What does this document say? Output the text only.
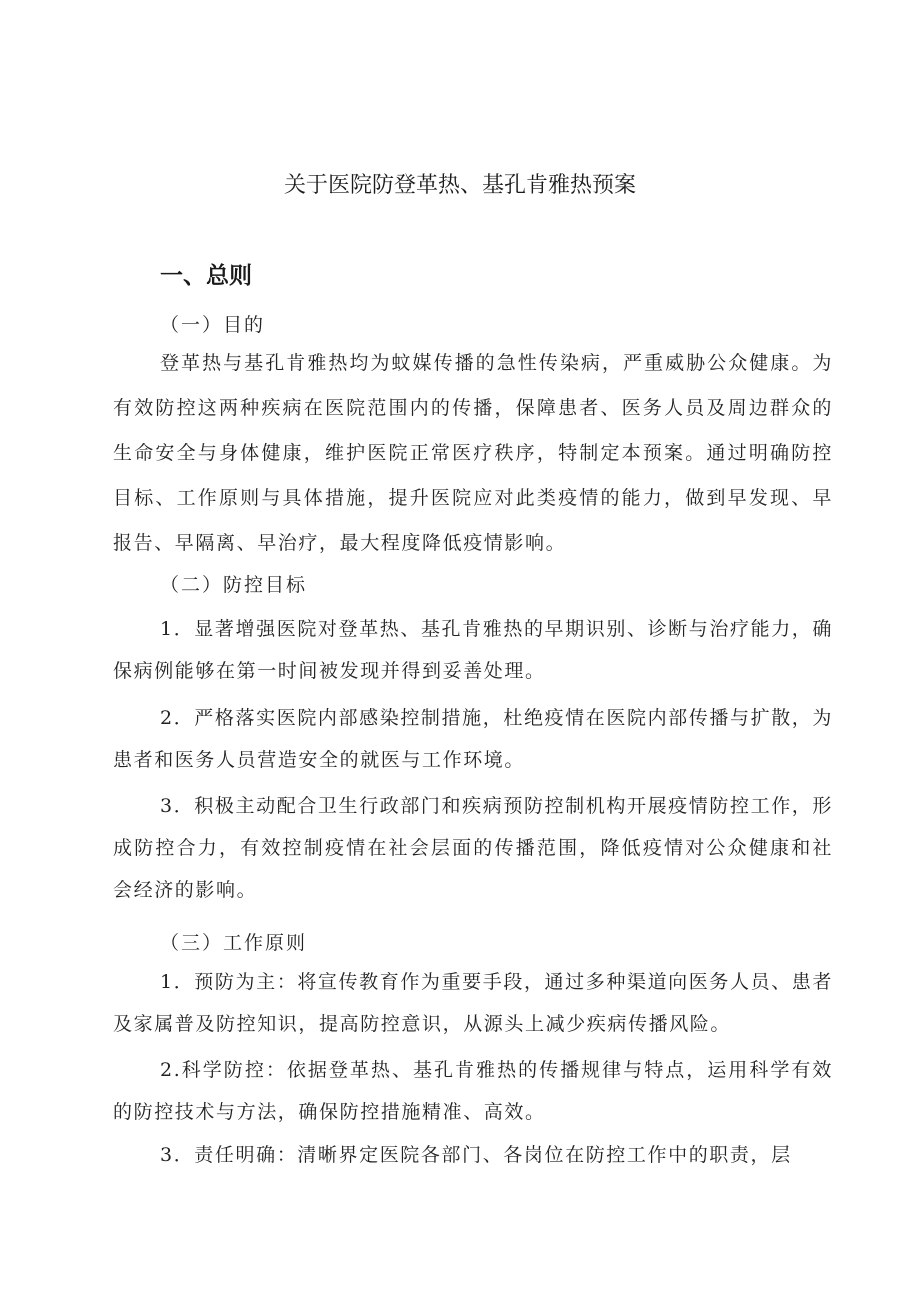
关于医院防登革热、基孔肯雅热预案
一、总则
（一）目的
登革热与基孔肯雅热均为蚊媒传播的急性传染病，严重威胁公众健康。为有效防控这两种疾病在医院范围内的传播，保障患者、医务人员及周边群众的生命安全与身体健康，维护医院正常医疗秩序，特制定本预案。通过明确防控目标、工作原则与具体措施，提升医院应对此类疫情的能力，做到早发现、早报告、早隔离、早治疗，最大程度降低疫情影响。
（二）防控目标
1．显著增强医院对登革热、基孔肯雅热的早期识别、诊断与治疗能力，确保病例能够在第一时间被发现并得到妥善处理。
2．严格落实医院内部感染控制措施，杜绝疫情在医院内部传播与扩散，为患者和医务人员营造安全的就医与工作环境。
3．积极主动配合卫生行政部门和疾病预防控制机构开展疫情防控工作，形成防控合力，有效控制疫情在社会层面的传播范围，降低疫情对公众健康和社会经济的影响。
（三）工作原则
1．预防为主：将宣传教育作为重要手段，通过多种渠道向医务人员、患者及家属普及防控知识，提高防控意识，从源头上减少疾病传播风险。
2.科学防控：依据登革热、基孔肯雅热的传播规律与特点，运用科学有效的防控技术与方法，确保防控措施精准、高效。
3．责任明确：清晰界定医院各部门、各岗位在防控工作中的职责，层
